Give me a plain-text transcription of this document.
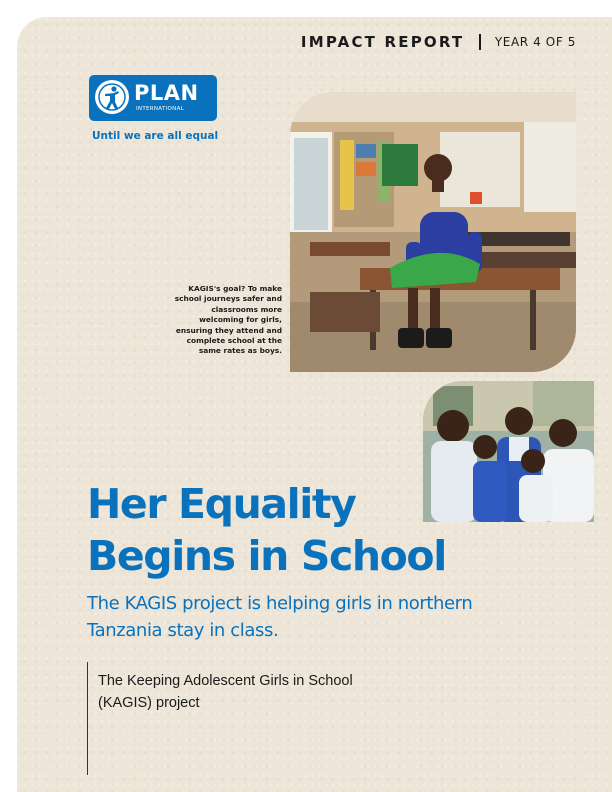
IMPACT REPORT	YEAR 4 OF 5
PLAN
INTERNATIONAL
Until we are all equal
KAGIS's goal? To make school journeys safer and classrooms more welcoming for girls, ensuring they attend and complete school at the same rates as boys.
Her Equality
Begins in School

The KAGIS project is helping girls in northern Tanzania stay in class.

The Keeping Adolescent Girls in School
(KAGIS) project
